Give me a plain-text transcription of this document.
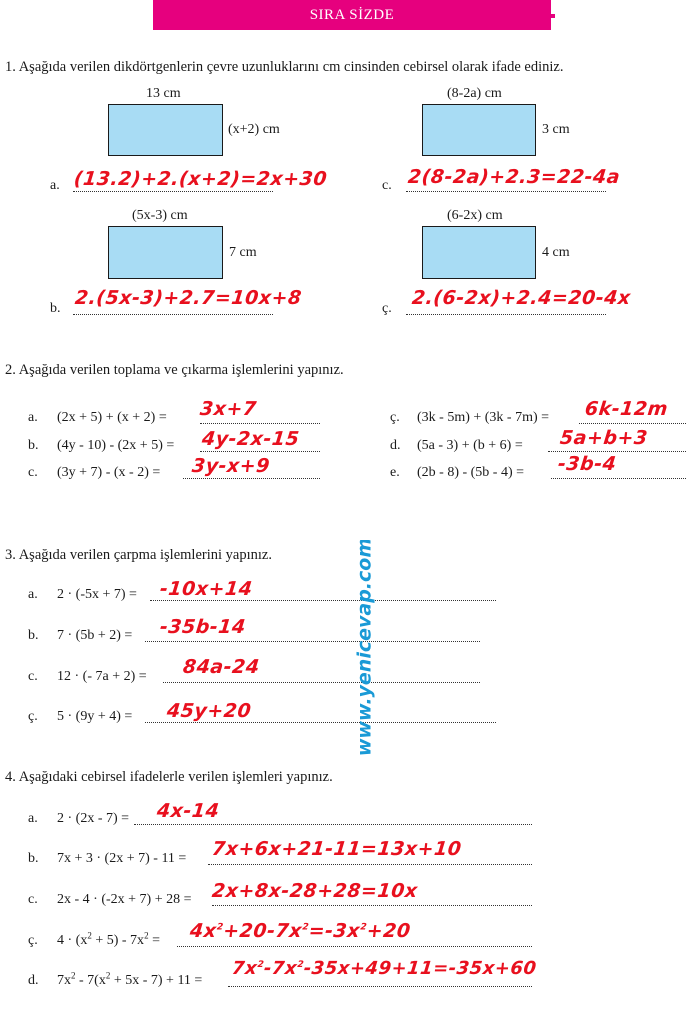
SIRA SİZDE
1. Aşağıda verilen dikdörtgenlerin çevre uzunluklarını cm cinsinden cebirsel olarak ifade ediniz.
13 cm
(x+2) cm
a. (13.2)+2.(x+2)=2x+30
(8-2a) cm
3 cm
c. 2(8-2a)+2.3=22-4a
(5x-3) cm
7 cm
b. 2.(5x-3)+2.7=10x+8
(6-2x) cm
4 cm
ç. 2.(6-2x)+2.4=20-4x
2. Aşağıda verilen toplama ve çıkarma işlemlerini yapınız.
a. (2x + 5) + (x + 2) = 3x+7
b. (4y - 10) - (2x + 5) = 4y-2x-15
c. (3y + 7) - (x - 2) = 3y-x+9
ç. (3k - 5m) + (3k - 7m) = 6k-12m
d. (5a - 3) + (b + 6) = 5a+b+3
e. (2b - 8) - (5b - 4) = -3b-4
3. Aşağıda verilen çarpma işlemlerini yapınız.
a. 2 · (-5x + 7) = -10x+14
b. 7 · (5b + 2) = -35b-14
c. 12 · (- 7a + 2) = 84a-24
ç. 5 · (9y + 4) = 45y+20
4. Aşağıdaki cebirsel ifadelerle verilen işlemleri yapınız.
a. 2 · (2x - 7) = 4x-14
b. 7x + 3 · (2x + 7) - 11 = 7x+6x+21-11=13x+10
c. 2x - 4 · (-2x + 7) + 28 = 2x+8x-28+28=10x
ç. $4 \cdot (x^2 + 5) - 7x^2 = 4x^2+20-7x^2=-3x^2+20$
d. $7x^2 - 7(x^2 + 5x - 7) + 11$ =
$7x^2-7x^2-35x+49+11=-35x+60$
www.yenicevap.com
